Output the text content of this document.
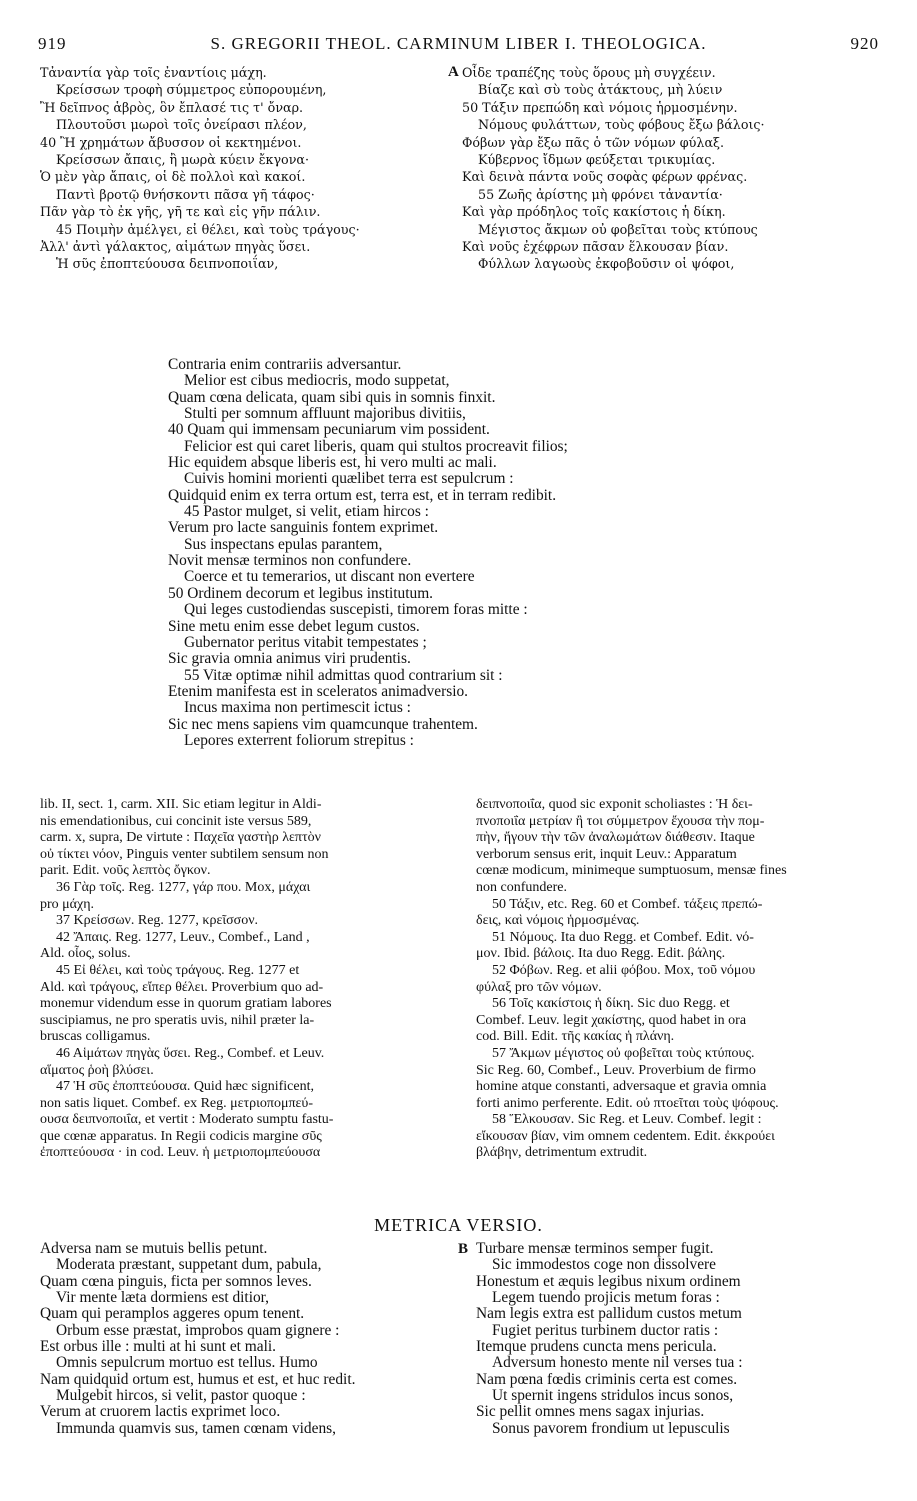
919	S. GREGORII THEOL. CARMINUM LIBER I. THEOLOGICA.	920
Τἀναντία γὰρ τοῖς ἐναντίοις μάχη.
Κρείσσων τροφὴ σύμμετρος εὐπορουμένη,
Ἢ δεῖπνος ἁβρὸς, ὃν ἔπλασέ τις τ' ὄναρ.
Πλουτοῦσι μωροὶ τοῖς ὀνείρασι πλέον,
40 Ἢ χρημάτων ἄβυσσον οἱ κεκτημένοι.
Κρείσσων ἄπαις, ἢ μωρὰ κύειν ἔκγονα·
Ὁ μὲν γὰρ ἄπαις, οἱ δὲ πολλοὶ καὶ κακοί.
Παντὶ βροτῷ θνήσκοντι πᾶσα γῆ τάφος·
Πᾶν γὰρ τὸ ἐκ γῆς, γῆ τε καὶ εἰς γῆν πάλιν.
45 Ποιμὴν ἀμέλγει, εἰ θέλει, καὶ τοὺς τράγους·
Ἀλλ' ἀντὶ γάλακτος, αἱμάτων πηγὰς ὕσει.
Ἡ σῦς ἐποπτεύουσα δειπνοποιΐαν,
A Οἶδε τραπέζης τοὺς ὅρους μὴ συγχέειν.
Βίαζε καὶ σὺ τοὺς ἀτάκτους, μὴ λύειν
50 Τάξιν πρεπώδη καὶ νόμοις ἡρμοσμένην.
Νόμους φυλάττων, τοὺς φόβους ἔξω βάλοις·
Φόβων γὰρ ἔξω πᾶς ὁ τῶν νόμων φύλαξ.
Κύβερνος ἴδμων φεύξεται τρικυμίας.
Καὶ δεινὰ πάντα νοῦς σοφὰς φέρων φρένας.
55 Ζωῆς ἀρίστης μὴ φρόνει τἀναντία·
Καὶ γὰρ πρόδηλος τοῖς κακίστοις ἡ δίκη.
Μέγιστος ἄκμων οὐ φοβεῖται τοὺς κτύπους
Καὶ νοῦς ἐχέφρων πᾶσαν ἕλκουσαν βίαν.
Φύλλων λαγωοὺς ἐκφοβοῦσιν οἱ ψόφοι,
Contraria enim contrariis adversantur.
Melior est cibus mediocris, modo suppetat,
Quam cœna delicata, quam sibi quis in somnis finxit.
Stulti per somnum affluunt majoribus divitiis,
40 Quam qui immensam pecuniarum vim possident.
Felicior est qui caret liberis, quam qui stultos procreavit filios;
Hic equidem absque liberis est, hi vero multi ac mali.
Cuivis homini morienti quælibet terra est sepulcrum :
Quidquid enim ex terra ortum est, terra est, et in terram redibit.
45 Pastor mulget, si velit, etiam hircos :
Verum pro lacte sanguinis fontem exprimet.
Sus inspectans epulas parantem,
Novit mensæ terminos non confundere.
Coerce et tu temerarios, ut discant non evertere
50 Ordinem decorum et legibus institutum.
Qui leges custodiendas suscepisti, timorem foras mitte :
Sine metu enim esse debet legum custos.
Gubernator peritus vitabit tempestates ;
Sic gravia omnia animus viri prudentis.
55 Vitæ optimæ nihil admittas quod contrarium sit :
Etenim manifesta est in sceleratos animadversio.
Incus maxima non pertimescit ictus :
Sic nec mens sapiens vim quamcunque trahentem.
Lepores exterrent foliorum strepitus :
lib. II, sect. 1, carm. XII. Sic etiam legitur in Aldi-
nis emendationibus, cui concinit iste versus 589,
carm. x, supra, De virtute : Παχεῖα γαστὴρ λεπτὸν
οὐ τίκτει νόον, Pinguis venter subtilem sensum non
parit. Edit. νοῦς λεπτὸς ὄγκον.
36 Γὰρ τοῖς. Reg. 1277, γάρ που. Mox, μάχαι
pro μάχη.
37 Κρείσσων. Reg. 1277, κρεῖσσον.
42 Ἄπαις. Reg. 1277, Leuv., Combef., Land ,
Ald. οἷος, solus.
45 Εἰ θέλει, καὶ τοὺς τράγους. Reg. 1277 et
Ald. καὶ τράγους, εἴπερ θέλει. Proverbium quo ad-
monemur videndum esse in quorum gratiam labores
suscipiamus, ne pro speratis uvis, nihil præter la-
bruscas colligamus.
46 Αἱμάτων πηγὰς ὕσει. Reg., Combef. et Leuv.
αἵματος ῥοὴ βλύσει.
47 Ἡ σῦς ἐποπτεύουσα. Quid hæc significent,
non satis liquet. Combef. ex Reg. μετριοπομπεύ-
ουσα δειπνοποιΐα, et vertit : Moderato sumptu fastu-
que cœnæ apparatus. In Regii codicis margine σῦς
ἐποπτεύουσα · in cod. Leuv. ἡ μετριοπομπεύουσα
δειπνοποιΐα, quod sic exponit scholiastes : Ἡ δει-
πνοποιΐα μετρίαν ἢ τοι σύμμετρον ἔχουσα τὴν πομ-
πὴν, ἤγουν τὴν τῶν ἀναλωμάτων διάθεσιν. Itaque
verborum sensus erit, inquit Leuv.: Apparatum
cœnæ modicum, minimeque sumptuosum, mensæ fines
non confundere.
50 Τάξιν, etc. Reg. 60 et Combef. τάξεις πρεπώ-
δεις, καὶ νόμοις ἡρμοσμένας.
51 Νόμους. Ita duo Regg. et Combef. Edit. νό-
μον. Ibid. βάλοις. Ita duo Regg. Edit. βάλης.
52 Φόβων. Reg. et alii φόβου. Mox, τοῦ νόμου
φύλαξ pro τῶν νόμων.
56 Τοῖς κακίστοις ἡ δίκη. Sic duo Regg. et
Combef. Leuv. legit χακίστης, quod habet in ora
cod. Bill. Edit. τῆς κακίας ἡ πλάνη.
57 Ἄκμων μέγιστος οὐ φοβεῖται τοὺς κτύπους.
Sic Reg. 60, Combef., Leuv. Proverbium de firmo
homine atque constanti, adversaque et gravia omnia
forti animo perferente. Edit. οὐ πτοεῖται τοὺς ψόφους.
58 Ἕλκουσαν. Sic Reg. et Leuv. Combef. legit :
εἴκουσαν βίαν, vim omnem cedentem. Edit. ἐκκρούει
βλάβην, detrimentum extrudit.
METRICA VERSIO.
Adversa nam se mutuis bellis petunt.
Moderata præstant, suppetant dum, pabula,
Quam cœna pinguis, ficta per somnos leves.
Vir mente læta dormiens est ditior,
Quam qui peramplos aggeres opum tenent.
Orbum esse præstat, improbos quam gignere :
Est orbus ille : multi at hi sunt et mali.
Omnis sepulcrum mortuo est tellus. Humo
Nam quidquid ortum est, humus et est, et huc redit.
Mulgebit hircos, si velit, pastor quoque :
Verum at cruorem lactis exprimet loco.
Immunda quamvis sus, tamen cœnam videns,
B Turbare mensæ terminos semper fugit.
Sic immodestos coge non dissolvere
Honestum et æquis legibus nixum ordinem
Legem tuendo projicis metum foras :
Nam legis extra est pallidum custos metum
Fugiet peritus turbinem ductor ratis :
Itemque prudens cuncta mens pericula.
Adversum honesto mente nil verses tua :
Nam pœna fœdis criminis certa est comes.
Ut spernit ingens stridulos incus sonos,
Sic pellit omnes mens sagax injurias.
Sonus pavorem frondium ut lepusculis
